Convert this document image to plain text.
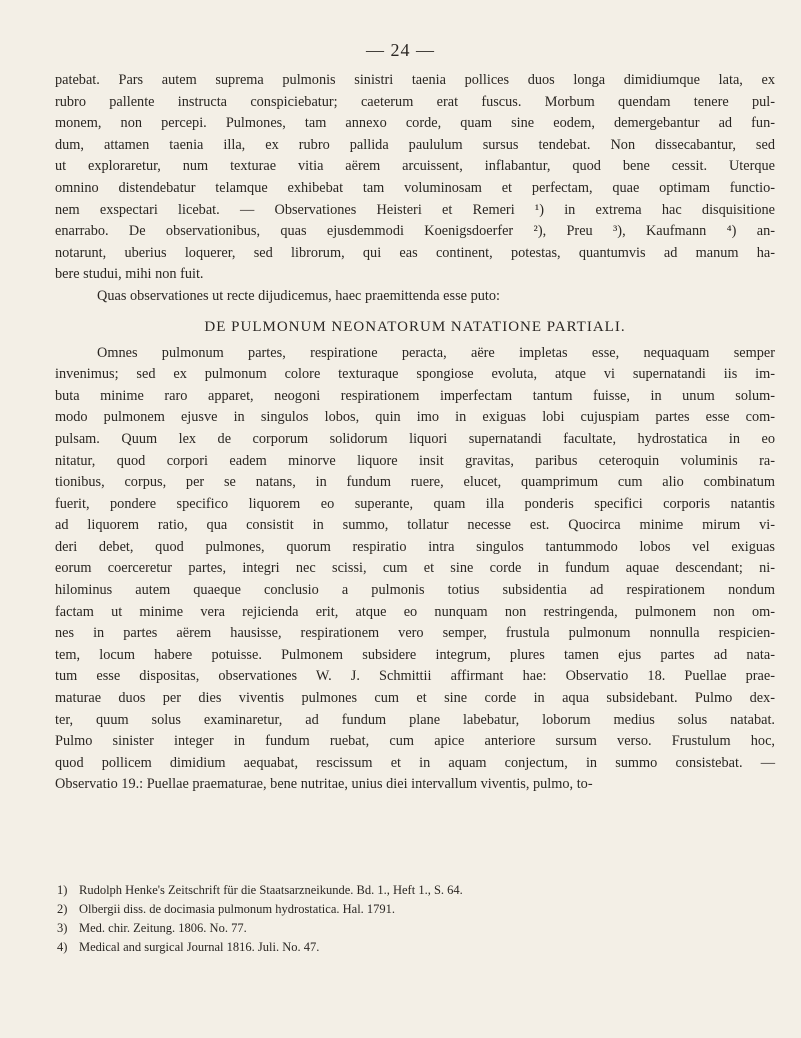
— 24 —
patebat. Pars autem suprema pulmonis sinistri taenia pollices duos longa dimidiumque lata, ex
rubro pallente instructa conspiciebatur; caeterum erat fuscus. Morbum quendam tenere pul-
monem, non percepi. Pulmones, tam annexo corde, quam sine eodem, demergebantur ad fun-
dum, attamen taenia illa, ex rubro pallida paululum sursus tendebat. Non dissecabantur, sed
ut exploraretur, num texturae vitia aërem arcuissent, inflabantur, quod bene cessit. Uterque
omnino distendebatur telamque exhibebat tam voluminosam et perfectam, quae optimam functio-
nem exspectari licebat. — Observationes Heisteri et Remeri ¹) in extrema hac disquisitione
enarrabo. De observationibus, quas ejusdemmodi Koenigsdoerfer ²), Preu ³), Kaufmann ⁴) an-
notarunt, uberius loquerer, sed librorum, qui eas continent, potestas, quantumvis ad manum ha-
bere studui, mihi non fuit.
Quas observationes ut recte dijudicemus, haec praemittenda esse puto:
DE PULMONUM NEONATORUM NATATIONE PARTIALI.
Omnes pulmonum partes, respiratione peracta, aëre impletas esse, nequaquam semper
invenimus; sed ex pulmonum colore texturaque spongiose evoluta, atque vi supernatandi iis im-
buta minime raro apparet, neogoni respirationem imperfectam tantum fuisse, in unum solum-
modo pulmonem ejusve in singulos lobos, quin imo in exiguas lobi cujuspiam partes esse com-
pulsam. Quum lex de corporum solidorum liquori supernatandi facultate, hydrostatica in eo
nitatur, quod corpori eadem minorve liquore insit gravitas, paribus ceteroquin voluminis ra-
tionibus, corpus, per se natans, in fundum ruere, elucet, quamprimum cum alio combinatum
fuerit, pondere specifico liquorem eo superante, quam illa ponderis specifici corporis natantis
ad liquorem ratio, qua consistit in summo, tollatur necesse est. Quocirca minime mirum vi-
deri debet, quod pulmones, quorum respiratio intra singulos tantummodo lobos vel exiguas
eorum coerceretur partes, integri nec scissi, cum et sine corde in fundum aquae descendant; ni-
hilominus autem quaeque conclusio a pulmonis totius subsidentia ad respirationem nondum
factam ut minime vera rejicienda erit, atque eo nunquam non restringenda, pulmonem non om-
nes in partes aërem hausisse, respirationem vero semper, frustula pulmonum nonnulla respicien-
tem, locum habere potuisse. Pulmonem subsidere integrum, plures tamen ejus partes ad nata-
tum esse dispositas, observationes W. J. Schmittii affirmant hae: Observatio 18. Puellae prae-
maturae duos per dies viventis pulmones cum et sine corde in aqua subsidebant. Pulmo dex-
ter, quum solus examinaretur, ad fundum plane labebatur, loborum medius solus natabat.
Pulmo sinister integer in fundum ruebat, cum apice anteriore sursum verso. Frustulum hoc,
quod pollicem dimidium aequabat, rescissum et in aquam conjectum, in summo consistebat. —
Observatio 19.: Puellae praematurae, bene nutritae, unius diei intervallum viventis, pulmo, to-
1) Rudolph Henke's Zeitschrift für die Staatsarzneikunde. Bd. 1., Heft 1., S. 64.
2) Olbergii diss. de docimasia pulmonum hydrostatica. Hal. 1791.
3) Med. chir. Zeitung. 1806. No. 77.
4) Medical and surgical Journal 1816. Juli. No. 47.
